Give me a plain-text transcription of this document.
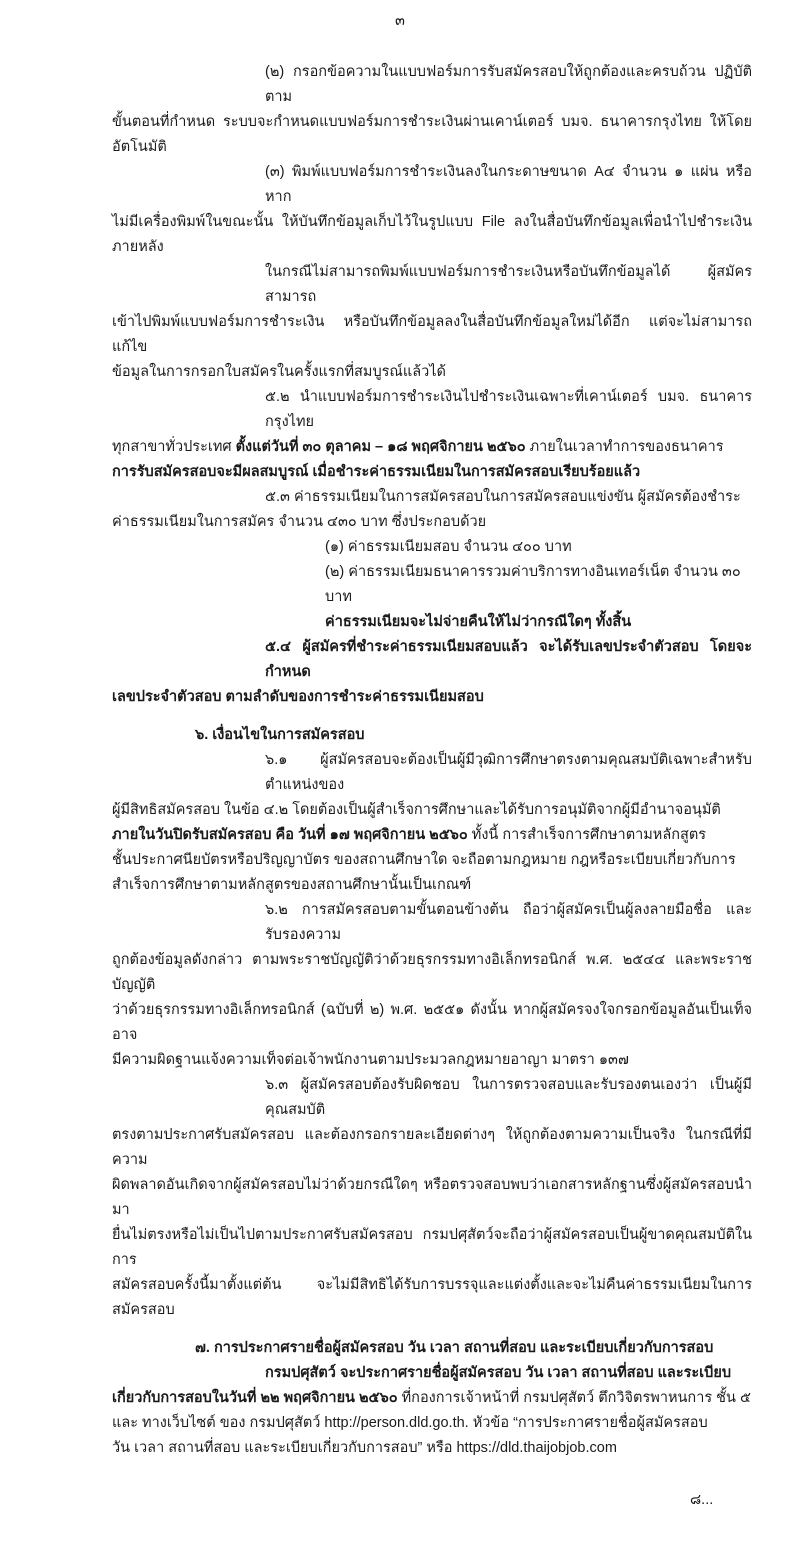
๓
(๒) กรอกข้อความในแบบฟอร์มการรับสมัครสอบให้ถูกต้องและครบถ้วน ปฏิบัติตาม
ขั้นตอนที่กำหนด ระบบจะกำหนดแบบฟอร์มการชำระเงินผ่านเคาน์เตอร์ บมจ. ธนาคารกรุงไทย ให้โดยอัตโนมัติ
(๓) พิมพ์แบบฟอร์มการชำระเงินลงในกระดาษขนาด A๔ จำนวน ๑ แผ่น หรือหาก
ไม่มีเครื่องพิมพ์ในขณะนั้น ให้บันทึกข้อมูลเก็บไว้ในรูปแบบ File ลงในสื่อบันทึกข้อมูลเพื่อนำไปชำระเงินภายหลัง
ในกรณีไม่สามารถพิมพ์แบบฟอร์มการชำระเงินหรือบันทึกข้อมูลได้ ผู้สมัครสามารถ
เข้าไปพิมพ์แบบฟอร์มการชำระเงิน หรือบันทึกข้อมูลลงในสื่อบันทึกข้อมูลใหม่ได้อีก แต่จะไม่สามารถแก้ไข
ข้อมูลในการกรอกใบสมัครในครั้งแรกที่สมบูรณ์แล้วได้
๕.๒ นำแบบฟอร์มการชำระเงินไปชำระเงินเฉพาะที่เคาน์เตอร์ บมจ. ธนาคารกรุงไทย
ทุกสาขาทั่วประเทศ ตั้งแต่วันที่ ๓๐ ตุลาคม – ๑๘ พฤศจิกายน ๒๕๖๐ ภายในเวลาทำการของธนาคาร
การรับสมัครสอบจะมีผลสมบูรณ์ เมื่อชำระค่าธรรมเนียมในการสมัครสอบเรียบร้อยแล้ว
๕.๓ ค่าธรรมเนียมในการสมัครสอบในการสมัครสอบแข่งขัน ผู้สมัครต้องชำระ
ค่าธรรมเนียมในการสมัคร จำนวน ๔๓๐ บาท ซึ่งประกอบด้วย
(๑) ค่าธรรมเนียมสอบ จำนวน ๔๐๐ บาท
(๒) ค่าธรรมเนียมธนาคารรวมค่าบริการทางอินเทอร์เน็ต จำนวน ๓๐ บาท
ค่าธรรมเนียมจะไม่จ่ายคืนให้ไม่ว่ากรณีใดๆ ทั้งสิ้น
๕.๔ ผู้สมัครที่ชำระค่าธรรมเนียมสอบแล้ว จะได้รับเลขประจำตัวสอบ โดยจะกำหนด
เลขประจำตัวสอบ ตามลำดับของการชำระค่าธรรมเนียมสอบ
๖. เงื่อนไขในการสมัครสอบ
๖.๑ ผู้สมัครสอบจะต้องเป็นผู้มีวุฒิการศึกษาตรงตามคุณสมบัติเฉพาะสำหรับตำแหน่งของ
ผู้มีสิทธิสมัครสอบ ในข้อ ๔.๒ โดยต้องเป็นผู้สำเร็จการศึกษาและได้รับการอนุมัติจากผู้มีอำนาจอนุมัติ
ภายในวันปิดรับสมัครสอบ คือ วันที่ ๑๗ พฤศจิกายน ๒๕๖๐ ทั้งนี้ การสำเร็จการศึกษาตามหลักสูตร
ชั้นประกาศนียบัตรหรือปริญญาบัตร ของสถานศึกษาใด จะถือตามกฎหมาย กฎหรือระเบียบเกี่ยวกับการ
สำเร็จการศึกษาตามหลักสูตรของสถานศึกษานั้นเป็นเกณฑ์
๖.๒ การสมัครสอบตามขั้นตอนข้างต้น ถือว่าผู้สมัครเป็นผู้ลงลายมือชื่อ และรับรองความ
ถูกต้องข้อมูลดังกล่าว ตามพระราชบัญญัติว่าด้วยธุรกรรมทางอิเล็กทรอนิกส์ พ.ศ. ๒๕๔๔ และพระราชบัญญัติ
ว่าด้วยธุรกรรมทางอิเล็กทรอนิกส์ (ฉบับที่ ๒) พ.ศ. ๒๕๕๑ ดังนั้น หากผู้สมัครจงใจกรอกข้อมูลอันเป็นเท็จ อาจ
มีความผิดฐานแจ้งความเท็จต่อเจ้าพนักงานตามประมวลกฎหมายอาญา มาตรา ๑๓๗
๖.๓ ผู้สมัครสอบต้องรับผิดชอบ ในการตรวจสอบและรับรองตนเองว่า เป็นผู้มีคุณสมบัติ
ตรงตามประกาศรับสมัครสอบ และต้องกรอกรายละเอียดต่างๆ ให้ถูกต้องตามความเป็นจริง ในกรณีที่มีความ
ผิดพลาดอันเกิดจากผู้สมัครสอบไม่ว่าด้วยกรณีใดๆ หรือตรวจสอบพบว่าเอกสารหลักฐานซึ่งผู้สมัครสอบนำมา
ยื่นไม่ตรงหรือไม่เป็นไปตามประกาศรับสมัครสอบ กรมปศุสัตว์จะถือว่าผู้สมัครสอบเป็นผู้ขาดคุณสมบัติในการ
สมัครสอบครั้งนี้มาตั้งแต่ต้น จะไม่มีสิทธิได้รับการบรรจุและแต่งตั้งและจะไม่คืนค่าธรรมเนียมในการสมัครสอบ
๗. การประกาศรายชื่อผู้สมัครสอบ วัน เวลา สถานที่สอบ และระเบียบเกี่ยวกับการสอบ
กรมปศุสัตว์ จะประกาศรายชื่อผู้สมัครสอบ วัน เวลา สถานที่สอบ และระเบียบ
เกี่ยวกับการสอบในวันที่ ๒๒ พฤศจิกายน ๒๕๖๐ ที่กองการเจ้าหน้าที่ กรมปศุสัตว์ ตึกวิจิตรพาหนการ ชั้น ๕
และ ทางเว็บไซต์ ของ กรมปศุสัตว์ http://person.dld.go.th. หัวข้อ “การประกาศรายชื่อผู้สมัครสอบ
วัน เวลา สถานที่สอบ และระเบียบเกี่ยวกับการสอบ” หรือ https://dld.thaijobjob.com
๘...
